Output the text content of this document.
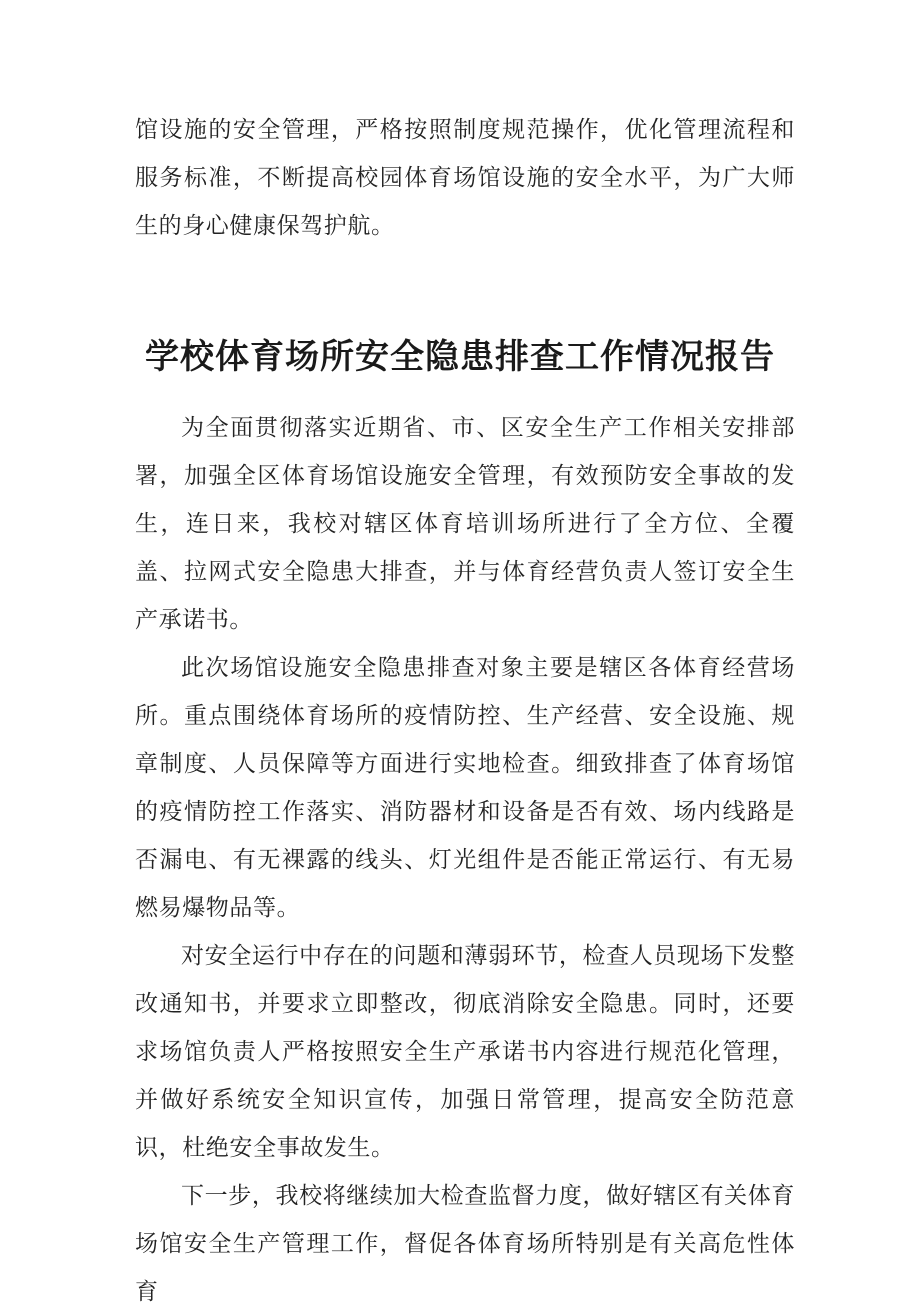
馆设施的安全管理，严格按照制度规范操作，优化管理流程和服务标准，不断提高校园体育场馆设施的安全水平，为广大师生的身心健康保驾护航。

学校体育场所安全隐患排查工作情况报告

为全面贯彻落实近期省、市、区安全生产工作相关安排部署，加强全区体育场馆设施安全管理，有效预防安全事故的发生，连日来，我校对辖区体育培训场所进行了全方位、全覆盖、拉网式安全隐患大排查，并与体育经营负责人签订安全生产承诺书。

此次场馆设施安全隐患排查对象主要是辖区各体育经营场所。重点围绕体育场所的疫情防控、生产经营、安全设施、规章制度、人员保障等方面进行实地检查。细致排查了体育场馆的疫情防控工作落实、消防器材和设备是否有效、场内线路是否漏电、有无裸露的线头、灯光组件是否能正常运行、有无易燃易爆物品等。

对安全运行中存在的问题和薄弱环节，检查人员现场下发整改通知书，并要求立即整改，彻底消除安全隐患。同时，还要求场馆负责人严格按照安全生产承诺书内容进行规范化管理，并做好系统安全知识宣传，加强日常管理，提高安全防范意识，杜绝安全事故发生。

下一步，我校将继续加大检查监督力度，做好辖区有关体育场馆安全生产管理工作，督促各体育场所特别是有关高危性体育
